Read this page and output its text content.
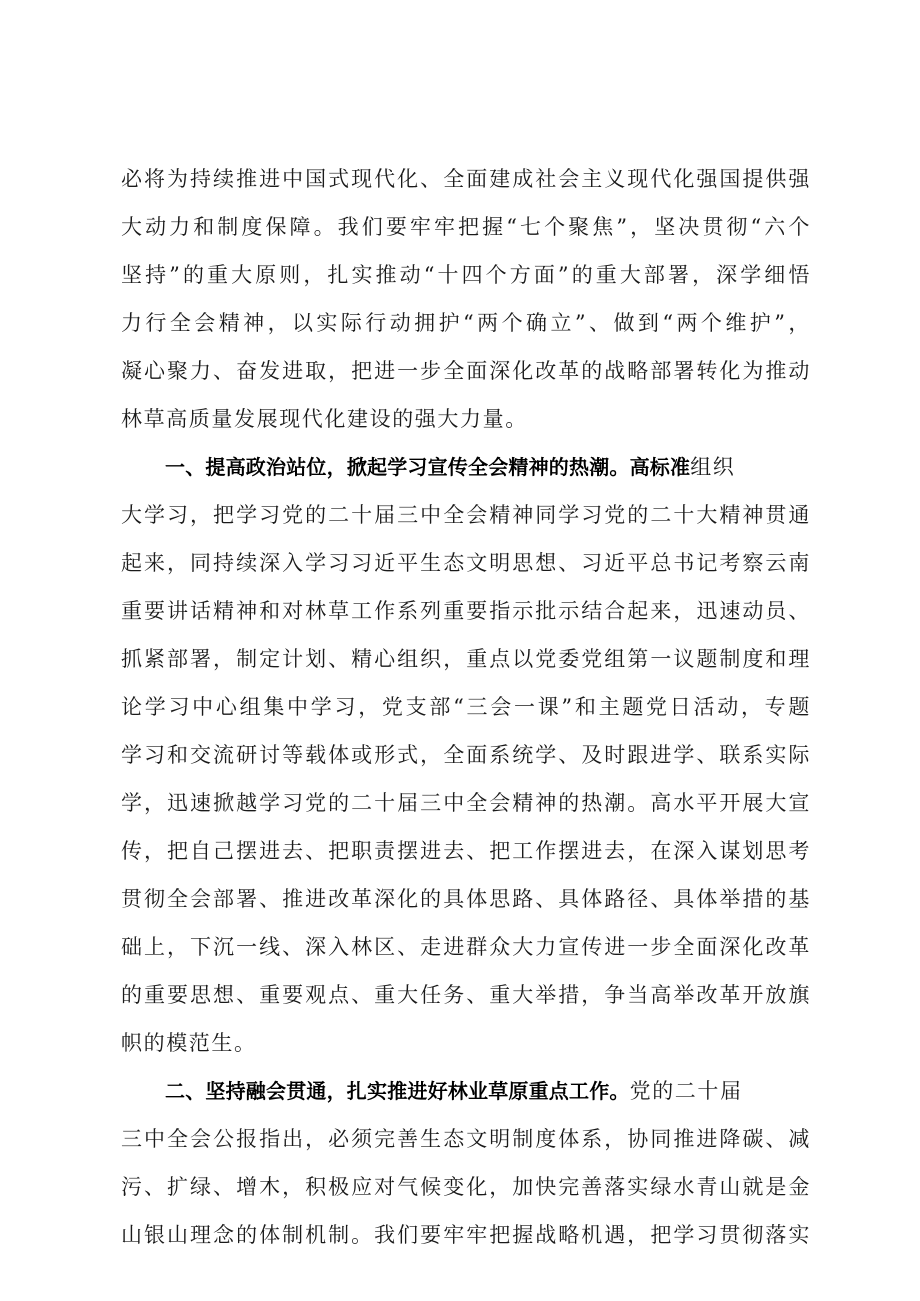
必将为持续推进中国式现代化、全面建成社会主义现代化强国提供强
大动力和制度保障。我们要牢牢把握“七个聚焦”，坚决贯彻“六个
坚持”的重大原则，扎实推动“十四个方面”的重大部署，深学细悟
力行全会精神，以实际行动拥护“两个确立”、做到“两个维护”，
凝心聚力、奋发进取，把进一步全面深化改革的战略部署转化为推动
林草高质量发展现代化建设的强大力量。
一、提高政治站位，掀起学习宣传全会精神的热潮。高标准组织
大学习，把学习党的二十届三中全会精神同学习党的二十大精神贯通
起来，同持续深入学习习近平生态文明思想、习近平总书记考察云南
重要讲话精神和对林草工作系列重要指示批示结合起来，迅速动员、
抓紧部署，制定计划、精心组织，重点以党委党组第一议题制度和理
论学习中心组集中学习，党支部“三会一课”和主题党日活动，专题
学习和交流研讨等载体或形式，全面系统学、及时跟进学、联系实际
学，迅速掀越学习党的二十届三中全会精神的热潮。高水平开展大宣
传，把自己摆进去、把职责摆进去、把工作摆进去，在深入谋划思考
贯彻全会部署、推进改革深化的具体思路、具体路径、具体举措的基
础上，下沉一线、深入林区、走进群众大力宣传进一步全面深化改革
的重要思想、重要观点、重大任务、重大举措，争当高举改革开放旗
帜的模范生。
二、坚持融会贯通，扎实推进好林业草原重点工作。党的二十届
三中全会公报指出，必须完善生态文明制度体系，协同推进降碳、减
污、扩绿、增木，积极应对气候变化，加快完善落实绿水青山就是金
山银山理念的体制机制。我们要牢牢把握战略机遇，把学习贯彻落实
